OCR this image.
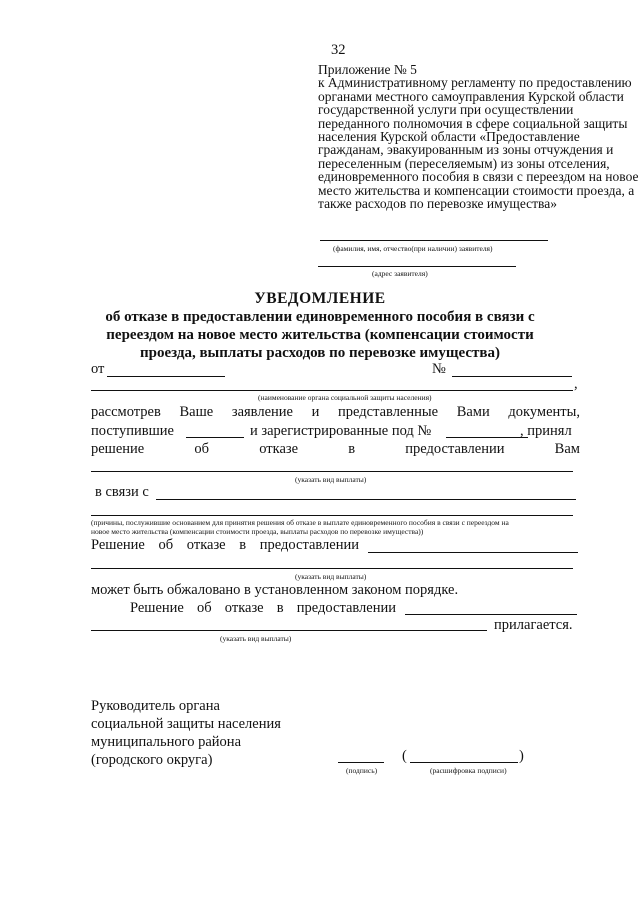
32
Приложение № 5
к Административному регламенту по предоставлению
органами местного самоуправления Курской области
государственной услуги при осуществлении
переданного полномочия в сфере социальной защиты
населения Курской области «Предоставление
гражданам, эвакуированным из зоны отчуждения и
переселенным (переселяемым) из зоны отселения,
единовременного пособия в связи с переездом на новое
место жительства и компенсации стоимости проезда, а
также расходов по перевозке имущества»
(фамилия, имя, отчество(при наличии) заявителя)
(адрес заявителя)
УВЕДОМЛЕНИЕ
об отказе в предоставлении единовременного пособия в связи с
переездом на новое место жительства (компенсации стоимости
проезда, выплаты расходов по перевозке имущества)
от	№
,
(наименование органа социальной защиты населения)
рассмотрев Ваше заявление и представленные Вами документы,
поступившие	и зарегистрированные под №	, принял
решение	об	отказе	в	предоставлении	Вам
(указать вид выплаты)
в связи с
(причины, послужившие основанием для принятия решения об отказе в выплате единовременного пособия в связи с переездом на
новое место жительства (компенсации стоимости проезда, выплаты расходов по перевозке имущества))
Решение об отказе в предоставлении
(указать вид выплаты)
может быть обжаловано в установленном законом порядке.
Решение об отказе в предоставлении
прилагается.
(указать вид выплаты)
Руководитель органа
социальной защиты населения
муниципального района
(городского округа)
(подпись)
(	)
(расшифровка подписи)
